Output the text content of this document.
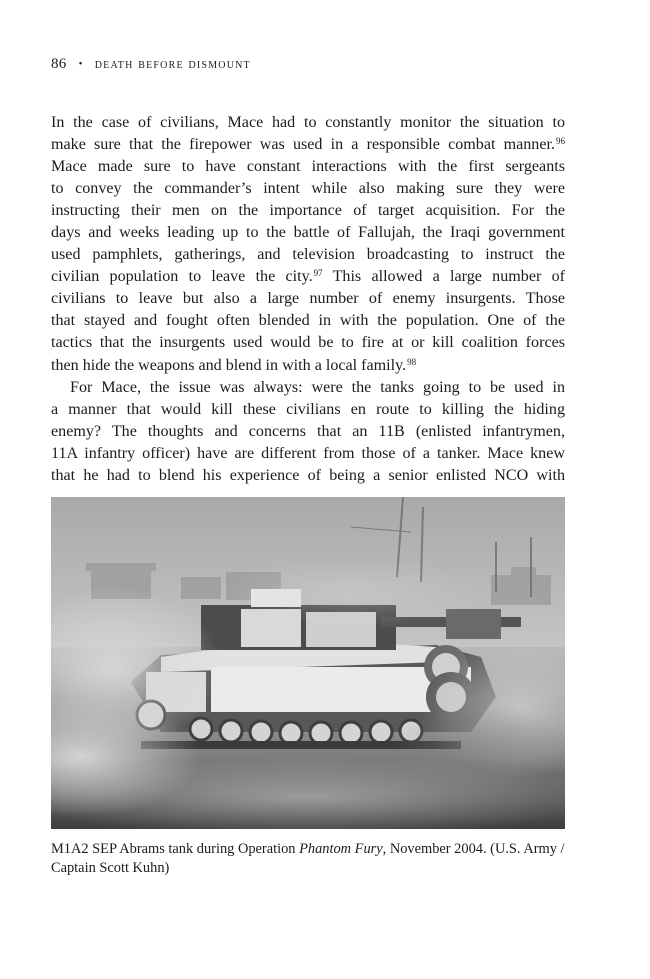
86 • death before dismount

In the case of civilians, Mace had to constantly monitor the situation to

make sure that the firepower was used in a responsible combat manner.$^{96}$

Mace made sure to have constant interactions with the first sergeants

to convey the commander’s intent while also making sure they were

instructing their men on the importance of target acquisition. For the

days and weeks leading up to the battle of Fallujah, the Iraqi government

used pamphlets, gatherings, and television broadcasting to instruct the

civilian population to leave the city.$^{97}$ This allowed a large number of

civilians to leave but also a large number of enemy insurgents. Those

that stayed and fought often blended in with the population. One of the

tactics that the insurgents used would be to fire at or kill coalition forces

then hide the weapons and blend in with a local family.$^{98}$

For Mace, the issue was always: were the tanks going to be used in

a manner that would kill these civilians en route to killing the hiding

enemy? The thoughts and concerns that an 11B (enlisted infantrymen,

11A infantry officer) have are different from those of a tanker. Mace knew

that he had to blend his experience of being a senior enlisted NCO with

M1A2 SEP Abrams tank during Operation Phantom Fury, November 2004. (U.S. Army /
Captain Scott Kuhn)
